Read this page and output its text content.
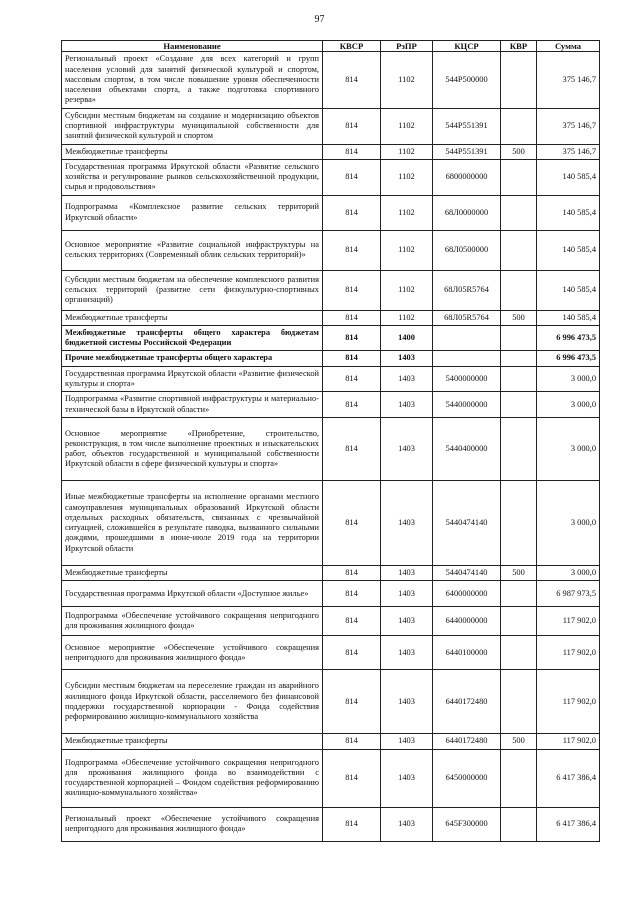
97
Наименование	КВСР	РзПР	КЦСР	КВР	Сумма
Региональный проект «Создание для всех категорий и групп населения условий для занятий физической культурой и спортом, массовым спортом, в том числе повышение уровня обеспеченности населения объектами спорта, а также подготовка спортивного резерва»	814	1102	544P500000		375 146,7
Субсидии местным бюджетам на создание и модернизацию объектов спортивной инфраструктуры муниципальной собственности для занятий физической культурой и спортом	814	1102	544P551391		375 146,7
Межбюджетные трансферты	814	1102	544P551391	500	375 146,7
Государственная программа Иркутской области «Развитие сельского хозяйства и регулирование рынков сельскохозяйственной продукции, сырья и продовольствия»	814	1102	6800000000		140 585,4
Подпрограмма «Комплексное развитие сельских территорий Иркутской области»	814	1102	68Л0000000		140 585,4
Основное мероприятие «Развитие социальной инфраструктуры на сельских территориях (Современный облик сельских территорий)»	814	1102	68Л0500000		140 585,4
Субсидии местным бюджетам на обеспечение комплексного развития сельских территорий (развитие сети физкультурно-спортивных организаций)	814	1102	68Л05R5764		140 585,4
Межбюджетные трансферты	814	1102	68Л05R5764	500	140 585,4
Межбюджетные трансферты общего характера бюджетам бюджетной системы Российской Федерации	814	1400			6 996 473,5
Прочие межбюджетные трансферты общего характера	814	1403			6 996 473,5
Государственная программа Иркутской области «Развитие физической культуры и спорта»	814	1403	5400000000		3 000,0
Подпрограмма «Развитие спортивной инфраструктуры и материально- технической базы в Иркутской области»	814	1403	5440000000		3 000,0
Основное мероприятие «Приобретение, строительство, реконструкция, в том числе выполнение проектных и изыскательских работ, объектов государственной и муниципальной собственности Иркутской области в сфере физической культуры и спорта»	814	1403	5440400000		3 000,0
Иные межбюджетные трансферты на исполнение органами местного самоуправления муниципальных образований Иркутской области отдельных расходных обязательств, связанных с чрезвычайной ситуацией, сложившейся в результате паводка, вызванного сильными дождями, прошедшими в июне-июле 2019 года на территории Иркутской области	814	1403	5440474140		3 000,0
Межбюджетные трансферты	814	1403	5440474140	500	3 000,0
Государственная программа Иркутской области «Доступное жилье»	814	1403	6400000000		6 987 973,5
Подпрограмма «Обеспечение устойчивого сокращения непригодного для проживания жилищного фонда»	814	1403	6440000000		117 902,0
Основное мероприятие «Обеспечение устойчивого сокращения непригодного для проживания жилищного фонда»	814	1403	6440100000		117 902,0
Субсидии местным бюджетам на переселение граждан из аварийного жилищного фонда Иркутской области, расселяемого без финансовой поддержки государственной корпорации - Фонда содействия реформированию жилищно-коммунального хозяйства	814	1403	6440172480		117 902,0
Межбюджетные трансферты	814	1403	6440172480	500	117 902,0
Подпрограмма «Обеспечение устойчивого сокращения непригодного для проживания жилищного фонда во взаимодействии с государственной корпорацией – Фондом содействия реформированию жилищно-коммунального хозяйства»	814	1403	6450000000		6 417 386,4
Региональный проект «Обеспечение устойчивого сокращения непригодного для проживания жилищного фонда»	814	1403	645F300000		6 417 386,4
